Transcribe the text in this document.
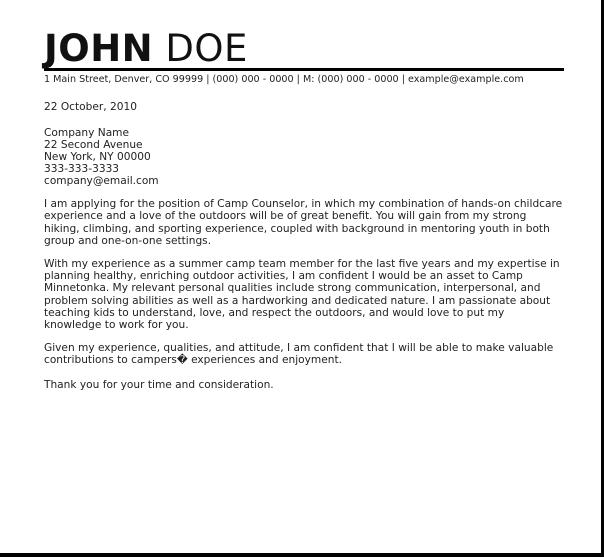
JOHN DOE
1 Main Street, Denver, CO 99999 | (000) 000 - 0000 | M: (000) 000 - 0000 | example@example.com
22 October, 2010
Company Name
22 Second Avenue
New York, NY 00000
333-333-3333
company@email.com

I am applying for the position of Camp Counselor, in which my combination of hands-on childcare experience and a love of the outdoors will be of great benefit. You will gain from my strong hiking, climbing, and sporting experience, coupled with background in mentoring youth in both group and one-on-one settings.

With my experience as a summer camp team member for the last five years and my expertise in planning healthy, enriching outdoor activities, I am confident I would be an asset to Camp Minnetonka. My relevant personal qualities include strong communication, interpersonal, and problem solving abilities as well as a hardworking and dedicated nature. I am passionate about teaching kids to understand, love, and respect the outdoors, and would love to put my knowledge to work for you.

Given my experience, qualities, and attitude, I am confident that I will be able to make valuable contributions to campers� experiences and enjoyment.

Thank you for your time and consideration.
